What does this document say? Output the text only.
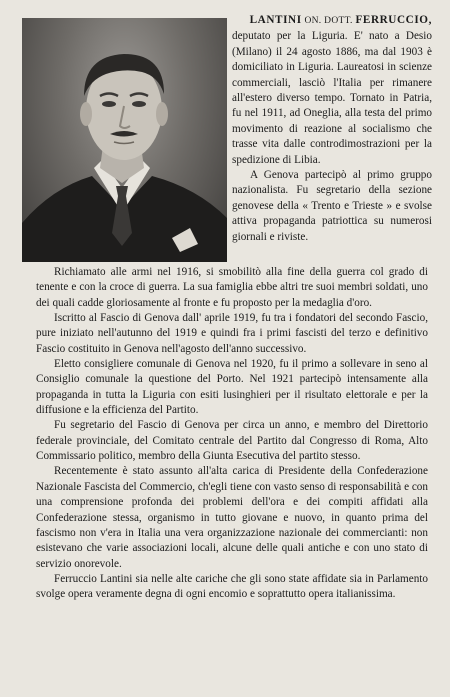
LANTINI ON. DOTT. FERRUCCIO,

deputato per la Liguria. E' nato a Desio (Milano) il 24 agosto 1886, ma dal 1903 è domiciliato in Liguria. Laureatosi in scienze commerciali, lasciò l'Italia per rimanere all'estero diverso tempo. Tornato in Patria, fu nel 1911, ad Oneglia, alla testa del primo movimento di reazione al socialismo che trasse vita dalle controdimostrazioni per la spedizione di Libia.

A Genova partecipò al primo gruppo nazionalista. Fu segretario della sezione genovese della « Trento e Trieste » e svolse attiva propaganda patriottica su numerosi giornali e riviste.

Richiamato alle armi nel 1916, si smobilitò alla fine della guerra col grado di tenente e con la croce di guerra. La sua famiglia ebbe altri tre suoi membri soldati, uno dei quali cadde gloriosamente al fronte e fu proposto per la medaglia d'oro.

Iscritto al Fascio di Genova dall' aprile 1919, fu tra i fondatori del secondo Fascio, pure iniziato nell'autunno del 1919 e quindi fra i primi fascisti del terzo e definitivo Fascio costituito in Genova nell'agosto dell'anno successivo.

Eletto consigliere comunale di Genova nel 1920, fu il primo a sollevare in seno al Consiglio comunale la questione del Porto. Nel 1921 partecipò intensamente alla propaganda in tutta la Liguria con esiti lusinghieri per il risultato elettorale e per la diffusione e la efficienza del Partito.

Fu segretario del Fascio di Genova per circa un anno, e membro del Direttorio federale provinciale, del Comitato centrale del Partito dal Congresso di Roma, Alto Commissario politico, membro della Giunta Esecutiva del partito stesso.

Recentemente è stato assunto all'alta carica di Presidente della Confederazione Nazionale Fascista del Commercio, ch'egli tiene con vasto senso di responsabilità e con una comprensione profonda dei problemi dell'ora e dei compiti affidati alla Confederazione stessa, organismo in tutto giovane e nuovo, in quanto prima del fascismo non v'era in Italia una vera organizzazione nazionale dei commercianti: non esistevano che varie associazioni locali, alcune delle quali antiche e con uno stato di servizio onorevole.

Ferruccio Lantini sia nelle alte cariche che gli sono state affidate sia in Parlamento svolge opera veramente degna di ogni encomio e soprattutto opera italianissima.
